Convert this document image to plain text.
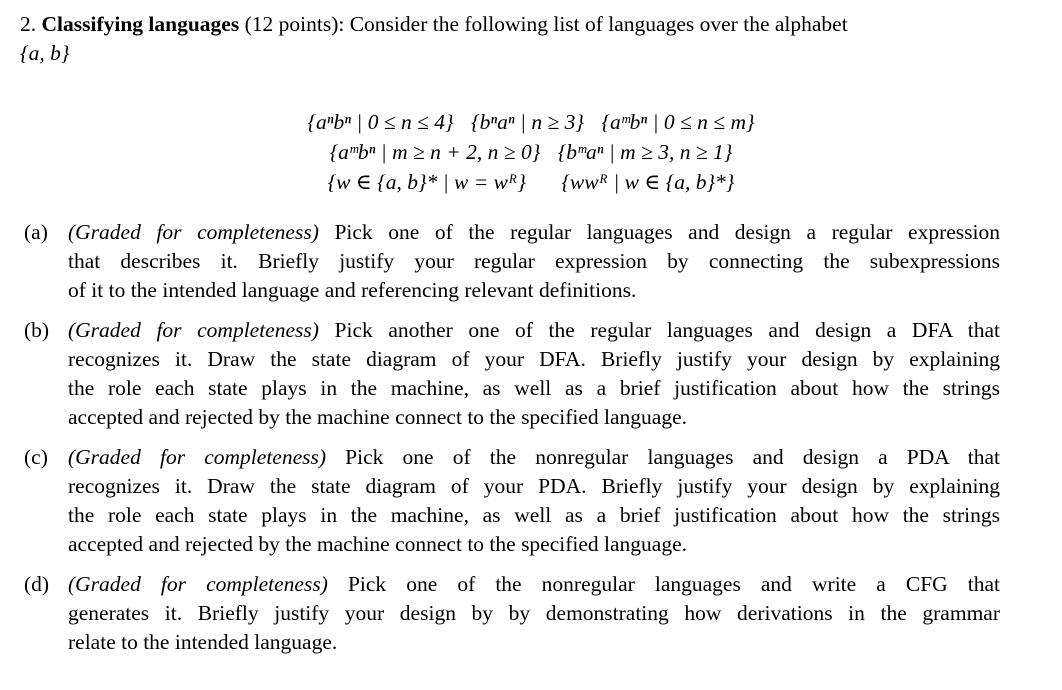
2. Classifying languages (12 points): Consider the following list of languages over the alphabet
{a, b}
{aⁿbⁿ | 0 ≤ n ≤ 4} {bⁿaⁿ | n ≥ 3} {aᵐbⁿ | 0 ≤ n ≤ m}
{aᵐbⁿ | m ≥ n + 2, n ≥ 0} {bᵐaⁿ | m ≥ 3, n ≥ 1}
{w ∈ {a, b}* | w = wᴿ} {wwᴿ | w ∈ {a, b}*}
(a) (Graded for completeness) Pick one of the regular languages and design a regular expression
that describes it. Briefly justify your regular expression by connecting the subexpressions
of it to the intended language and referencing relevant definitions.
(b) (Graded for completeness) Pick another one of the regular languages and design a DFA that
recognizes it. Draw the state diagram of your DFA. Briefly justify your design by explaining
the role each state plays in the machine, as well as a brief justification about how the strings
accepted and rejected by the machine connect to the specified language.
(c) (Graded for completeness) Pick one of the nonregular languages and design a PDA that
recognizes it. Draw the state diagram of your PDA. Briefly justify your design by explaining
the role each state plays in the machine, as well as a brief justification about how the strings
accepted and rejected by the machine connect to the specified language.
(d) (Graded for completeness) Pick one of the nonregular languages and write a CFG that
generates it. Briefly justify your design by by demonstrating how derivations in the grammar
relate to the intended language.
